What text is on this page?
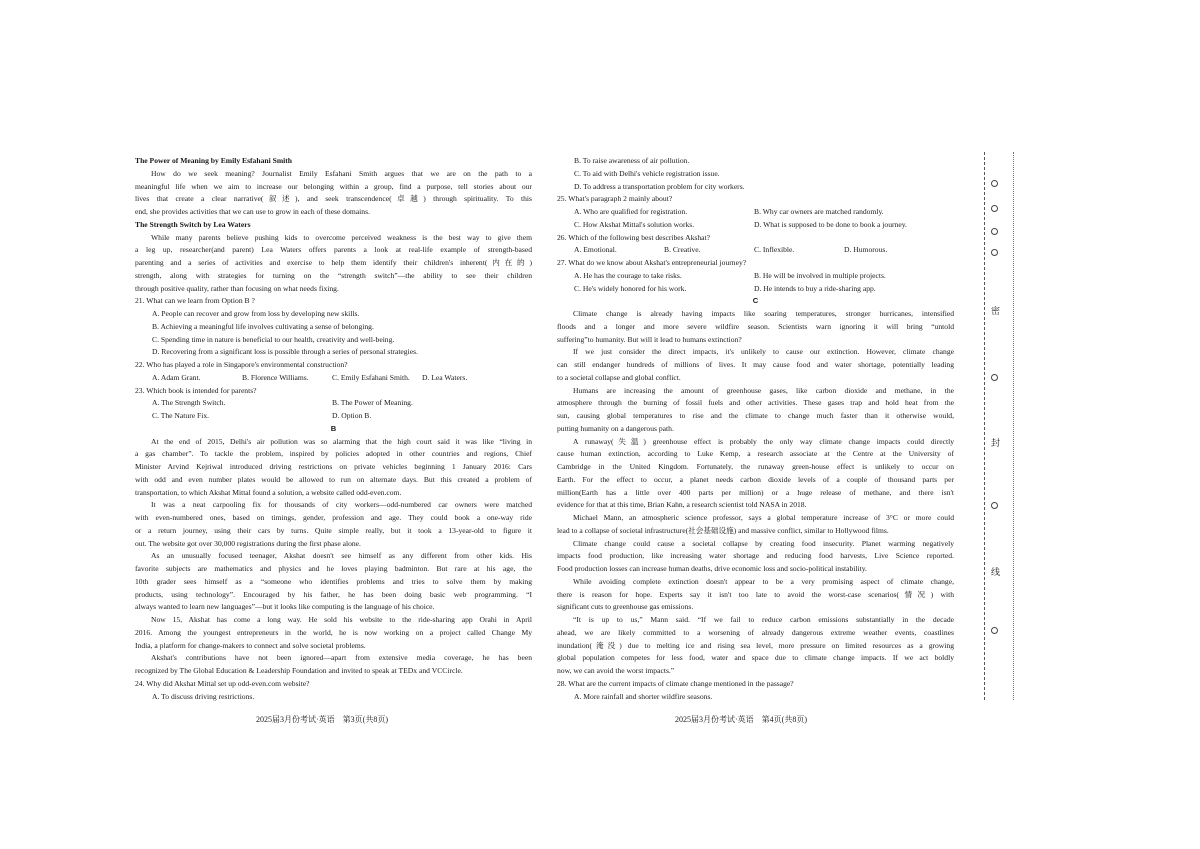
The Power of Meaning by Emily Esfahani Smith
How do we seek meaning? Journalist Emily Esfahani Smith argues that we are on the path to a
meaningful life when we aim to increase our belonging within a group, find a purpose, tell stories about our
lives that create a clear narrative(叙述), and seek transcendence(卓越) through spirituality. To this
end, she provides activities that we can use to grow in each of these domains.
The Strength Switch by Lea Waters
While many parents believe pushing kids to overcome perceived weakness is the best way to give them
a leg up, researcher(and parent) Lea Waters offers parents a look at real-life example of strength-based
parenting and a series of activities and exercise to help them identify their children's inherent(内在的)
strength, along with strategies for turning on the “strength switch”—the ability to see their children
through positive quality, rather than focusing on what needs fixing.
21. What can we learn from Option B ?
A. People can recover and grow from loss by developing new skills.
B. Achieving a meaningful life involves cultivating a sense of belonging.
C. Spending time in nature is beneficial to our health, creativity and well-being.
D. Recovering from a significant loss is possible through a series of personal strategies.
22. Who has played a role in Singapore's environmental construction?
A. Adam Grant.	B. Florence Williams.	C. Emily Esfahani Smith.	D. Lea Waters.
23. Which book is intended for parents?
A. The Strength Switch.	B. The Power of Meaning.
C. The Nature Fix.	D. Option B.
B
At the end of 2015, Delhi's air pollution was so alarming that the high court said it was like “living in
a gas chamber”. To tackle the problem, inspired by policies adopted in other countries and regions, Chief
Minister Arvind Kejriwal introduced driving restrictions on private vehicles beginning 1 January 2016: Cars
with odd and even number plates would be allowed to run on alternate days. But this created a problem of
transportation, to which Akshat Mittal found a solution, a website called odd-even.com.
It was a neat carpooling fix for thousands of city workers—odd-numbered car owners were matched
with even-numbered ones, based on timings, gender, profession and age. They could book a one-way ride
or a return journey, using their cars by turns. Quite simple really, but it took a 13-year-old to figure it
out. The website got over 30,000 registrations during the first phase alone.
As an unusually focused teenager, Akshat doesn't see himself as any different from other kids. His
favorite subjects are mathematics and physics and he loves playing badminton. But rare at his age, the
10th grader sees himself as a “someone who identifies problems and tries to solve them by making
products, using technology”. Encouraged by his father, he has been doing basic web programming. “I
always wanted to learn new languages”—but it looks like computing is the language of his choice.
Now 15, Akshat has come a long way. He sold his website to the ride-sharing app Orahi in April
2016. Among the youngest entrepreneurs in the world, he is now working on a project called Change My
India, a platform for change-makers to connect and solve societal problems.
Akshat's contributions have not been ignored—apart from extensive media coverage, he has been
recognized by The Global Education & Leadership Foundation and invited to speak at TEDx and VCCircle.
24. Why did Akshat Mittal set up odd-even.com website?
A. To discuss driving restrictions.
B. To raise awareness of air pollution.
C. To aid with Delhi's vehicle registration issue.
D. To address a transportation problem for city workers.
25. What's paragraph 2 mainly about?
A. Who are qualified for registration.	B. Why car owners are matched randomly.
C. How Akshat Mittal's solution works.	D. What is supposed to be done to book a journey.
26. Which of the following best describes Akshat?
A. Emotional.	B. Creative.	C. Inflexible.	D. Humorous.
27. What do we know about Akshat's entrepreneurial journey?
A. He has the courage to take risks.	B. He will be involved in multiple projects.
C. He's widely honored for his work.	D. He intends to buy a ride-sharing app.
C
Climate change is already having impacts like soaring temperatures, stronger hurricanes, intensified
floods and a longer and more severe wildfire season. Scientists warn ignoring it will bring “untold
suffering”to humanity. But will it lead to humans extinction?
If we just consider the direct impacts, it's unlikely to cause our extinction. However, climate change
can still endanger hundreds of millions of lives. It may cause food and water shortage, potentially leading
to a societal collapse and global conflict.
Humans are increasing the amount of greenhouse gases, like carbon dioxide and methane, in the
atmosphere through the burning of fossil fuels and other activities. These gases trap and hold heat from the
sun, causing global temperatures to rise and the climate to change much faster than it otherwise would,
putting humanity on a dangerous path.
A runaway(失温) greenhouse effect is probably the only way climate change impacts could directly
cause human extinction, according to Luke Kemp, a research associate at the Centre at the University of
Cambridge in the United Kingdom. Fortunately, the runaway green-house effect is unlikely to occur on
Earth. For the effect to occur, a planet needs carbon dioxide levels of a couple of thousand parts per
million(Earth has a little over 400 parts per million) or a huge release of methane, and there isn't
evidence for that at this time, Brian Kahn, a research scientist told NASA in 2018.
Michael Mann, an atmospheric science professor, says a global temperature increase of 3°C or more could
lead to a collapse of societal infrastructure(社会基础设施) and massive conflict, similar to Hollywood films.
Climate change could cause a societal collapse by creating food insecurity. Planet warming negatively
impacts food production, like increasing water shortage and reducing food harvests, Live Science reported.
Food production losses can increase human deaths, drive economic loss and socio-political instability.
While avoiding complete extinction doesn't appear to be a very promising aspect of climate change,
there is reason for hope. Experts say it isn't too late to avoid the worst-case scenarios(情况) with
significant cuts to greenhouse gas emissions.
“It is up to us,” Mann said. “If we fail to reduce carbon emissions substantially in the decade
ahead, we are likely committed to a worsening of already dangerous extreme weather events, coastlines
inundation(淹没) due to melting ice and rising sea level, more pressure on limited resources as a growing
global population competes for less food, water and space due to climate change impacts. If we act boldly
now, we can avoid the worst impacts.”
28. What are the current impacts of climate change mentioned in the passage?
A. More rainfall and shorter wildfire seasons.
2025届3月份考试·英语　第3页(共8页)	2025届3月份考试·英语　第4页(共8页)
密
封
线
